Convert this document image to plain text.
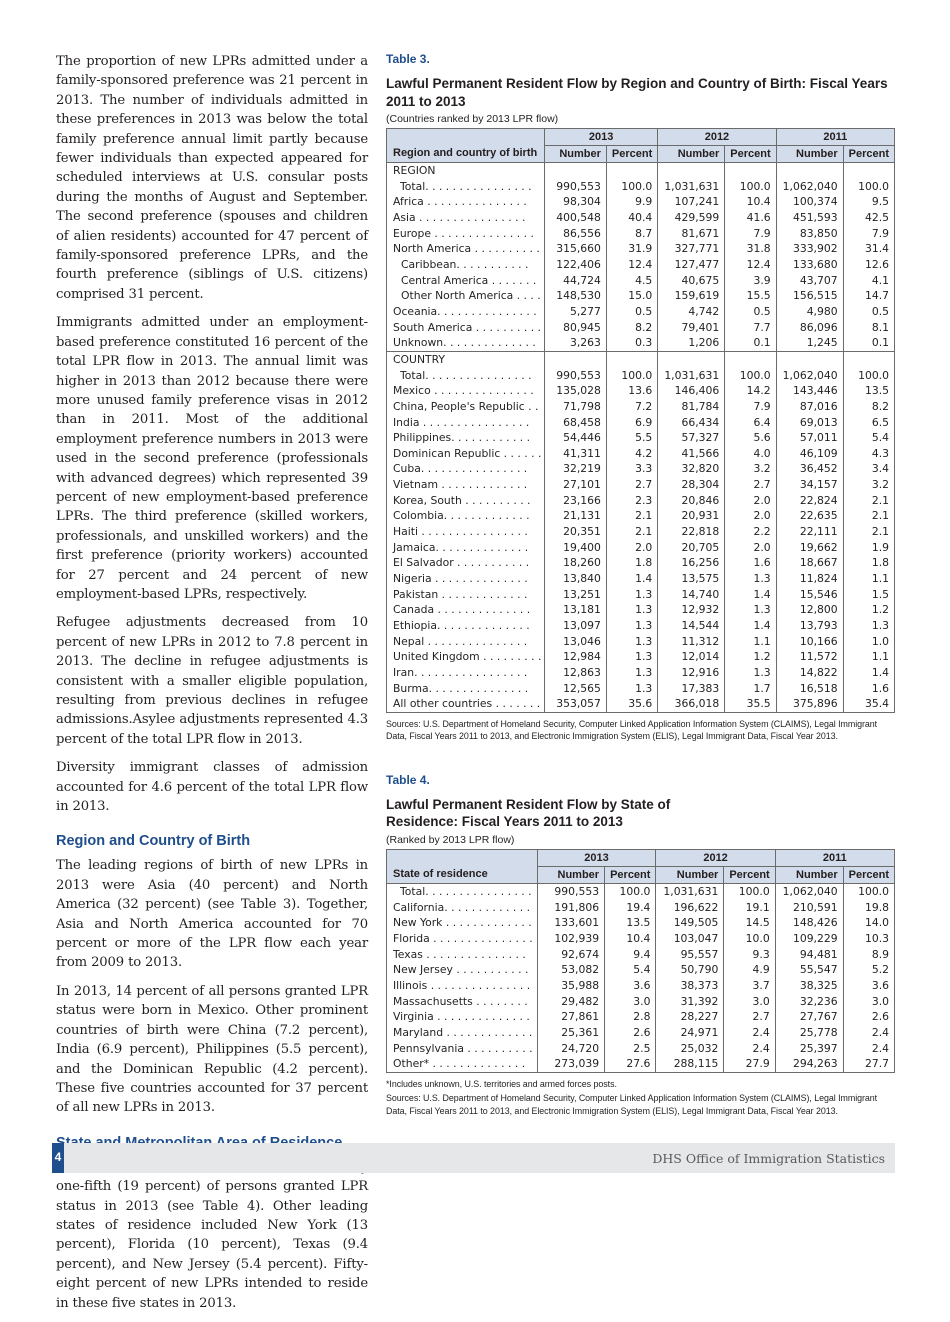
The proportion of new LPRs admitted under a family-sponsored preference was 21 percent in 2013. The number of individuals admitted in these preferences in 2013 was below the total family preference annual limit partly because fewer individuals than expected appeared for scheduled interviews at U.S. consular posts during the months of August and September. The second preference (spouses and children of alien residents) accounted for 47 percent of family-sponsored preference LPRs, and the fourth preference (siblings of U.S. citizens) comprised 31 percent.

Immigrants admitted under an employment-based preference constituted 16 percent of the total LPR flow in 2013. The annual limit was higher in 2013 than 2012 because there were more unused family preference visas in 2012 than in 2011. Most of the additional employment preference numbers in 2013 were used in the second preference (professionals with advanced degrees) which represented 39 percent of new employment-based preference LPRs. The third preference (skilled workers, professionals, and unskilled workers) and the first preference (priority workers) accounted for 27 percent and 24 percent of new employment-based LPRs, respectively.

Refugee adjustments decreased from 10 percent of new LPRs in 2012 to 7.8 percent in 2013. The decline in refugee adjustments is consistent with a smaller eligible population, resulting from previous declines in refugee admissions.Asylee adjustments represented 4.3 percent of the total LPR flow in 2013.

Diversity immigrant classes of admission accounted for 4.6 percent of the total LPR flow in 2013.

Region and Country of Birth

The leading regions of birth of new LPRs in 2013 were Asia (40 percent) and North America (32 percent) (see Table 3). Together, Asia and North America accounted for 70 percent or more of the LPR flow each year from 2009 to 2013.

In 2013, 14 percent of all persons granted LPR status were born in Mexico. Other prominent countries of birth were China (7.2 percent), India (6.9 percent), Philippines (5.5 percent), and the Dominican Republic (4.2 percent). These five countries accounted for 37 percent of all new LPRs in 2013.

one-fifth (19 percent) of persons granted LPR status in 2013 (see Table 4). Other leading states of residence included New York (13 percent), Florida (10 percent), Texas (9.4 percent), and New Jersey (5.4 percent). Fifty-eight percent of new LPRs intended to reside in these five states in 2013.

Table 3.
Lawful Permanent Resident Flow by Region and Country of Birth: Fiscal Years 2011 to 2013
(Countries ranked by 2013 LPR flow)
Region and country of birth	2013		2012		2011	
	Number	Percent	Number	Percent	Number	Percent
REGION						
Total. . . . . . . . . . . . . . . .	990,553	100.0	1,031,631	100.0	1,062,040	100.0
Africa . . . . . . . . . . . . . . .	98,304	9.9	107,241	10.4	100,374	9.5
Asia . . . . . . . . . . . . . . . .	400,548	40.4	429,599	41.6	451,593	42.5
Europe . . . . . . . . . . . . . . .	86,556	8.7	81,671	7.9	83,850	7.9
North America . . . . . . . . . .	315,660	31.9	327,771	31.8	333,902	31.4
Caribbean. . . . . . . . . . .	122,406	12.4	127,477	12.4	133,680	12.6
Central America . . . . . . .	44,724	4.5	40,675	3.9	43,707	4.1
Other North America . . . .	148,530	15.0	159,619	15.5	156,515	14.7
Oceania. . . . . . . . . . . . . . .	5,277	0.5	4,742	0.5	4,980	0.5
South America . . . . . . . . . .	80,945	8.2	79,401	7.7	86,096	8.1
Unknown. . . . . . . . . . . . . .	3,263	0.3	1,206	0.1	1,245	0.1
COUNTRY						
Total. . . . . . . . . . . . . . . .	990,553	100.0	1,031,631	100.0	1,062,040	100.0
Mexico . . . . . . . . . . . . . . .	135,028	13.6	146,406	14.2	143,446	13.5
China, People's Republic . .	71,798	7.2	81,784	7.9	87,016	8.2
India . . . . . . . . . . . . . . . .	68,458	6.9	66,434	6.4	69,013	6.5
Philippines. . . . . . . . . . . .	54,446	5.5	57,327	5.6	57,011	5.4
Dominican Republic . . . . . .	41,311	4.2	41,566	4.0	46,109	4.3
Cuba. . . . . . . . . . . . . . . .	32,219	3.3	32,820	3.2	36,452	3.4
Vietnam . . . . . . . . . . . . .	27,101	2.7	28,304	2.7	34,157	3.2
Korea, South . . . . . . . . . .	23,166	2.3	20,846	2.0	22,824	2.1
Colombia. . . . . . . . . . . . .	21,131	2.1	20,931	2.0	22,635	2.1
Haiti . . . . . . . . . . . . . . . .	20,351	2.1	22,818	2.2	22,111	2.1
Jamaica. . . . . . . . . . . . . .	19,400	2.0	20,705	2.0	19,662	1.9
El Salvador . . . . . . . . . . .	18,260	1.8	16,256	1.6	18,667	1.8
Nigeria . . . . . . . . . . . . . .	13,840	1.4	13,575	1.3	11,824	1.1
Pakistan . . . . . . . . . . . . .	13,251	1.3	14,740	1.4	15,546	1.5
Canada . . . . . . . . . . . . . .	13,181	1.3	12,932	1.3	12,800	1.2
Ethiopia. . . . . . . . . . . . . .	13,097	1.3	14,544	1.4	13,793	1.3
Nepal . . . . . . . . . . . . . . .	13,046	1.3	11,312	1.1	10,166	1.0
United Kingdom . . . . . . . . .	12,984	1.3	12,014	1.2	11,572	1.1
Iran. . . . . . . . . . . . . . . . .	12,863	1.3	12,916	1.3	14,822	1.4
Burma. . . . . . . . . . . . . . .	12,565	1.3	17,383	1.7	16,518	1.6
All other countries . . . . . . .	353,057	35.6	366,018	35.5	375,896	35.4
Sources: U.S. Department of Homeland Security, Computer Linked Application Information System (CLAIMS), Legal Immigrant Data, Fiscal Years 2011 to 2013, and Electronic Immigration System (ELIS), Legal Immigrant Data, Fiscal Year 2013.
Table 4.
Lawful Permanent Resident Flow by State of Residence: Fiscal Years 2011 to 2013
(Ranked by 2013 LPR flow)
State of residence	2013		2012		2011	
	Number	Percent	Number	Percent	Number	Percent
Total. . . . . . . . . . . . . . . .	990,553	100.0	1,031,631	100.0	1,062,040	100.0
California. . . . . . . . . . . . .	191,806	19.4	196,622	19.1	210,591	19.8
New York . . . . . . . . . . . . .	133,601	13.5	149,505	14.5	148,426	14.0
Florida . . . . . . . . . . . . . . .	102,939	10.4	103,047	10.0	109,229	10.3
Texas . . . . . . . . . . . . . . .	92,674	9.4	95,557	9.3	94,481	8.9
New Jersey . . . . . . . . . . .	53,082	5.4	50,790	4.9	55,547	5.2
Illinois . . . . . . . . . . . . . . .	35,988	3.6	38,373	3.7	38,325	3.6
Massachusetts . . . . . . . .	29,482	3.0	31,392	3.0	32,236	3.0
Virginia . . . . . . . . . . . . . .	27,861	2.8	28,227	2.7	27,767	2.6
Maryland . . . . . . . . . . . . .	25,361	2.6	24,971	2.4	25,778	2.4
Pennsylvania . . . . . . . . . .	24,720	2.5	25,032	2.4	25,397	2.4
Other* . . . . . . . . . . . . . .	273,039	27.6	288,115	27.9	294,263	27.7
*Includes unknown, U.S. territories and armed forces posts.
Sources: U.S. Department of Homeland Security, Computer Linked Application Information System (CLAIMS), Legal Immigrant Data, Fiscal Years 2011 to 2013, and Electronic Immigration System (ELIS), Legal Immigrant Data, Fiscal Year 2013.
4	DHS Office of Immigration Statistics
